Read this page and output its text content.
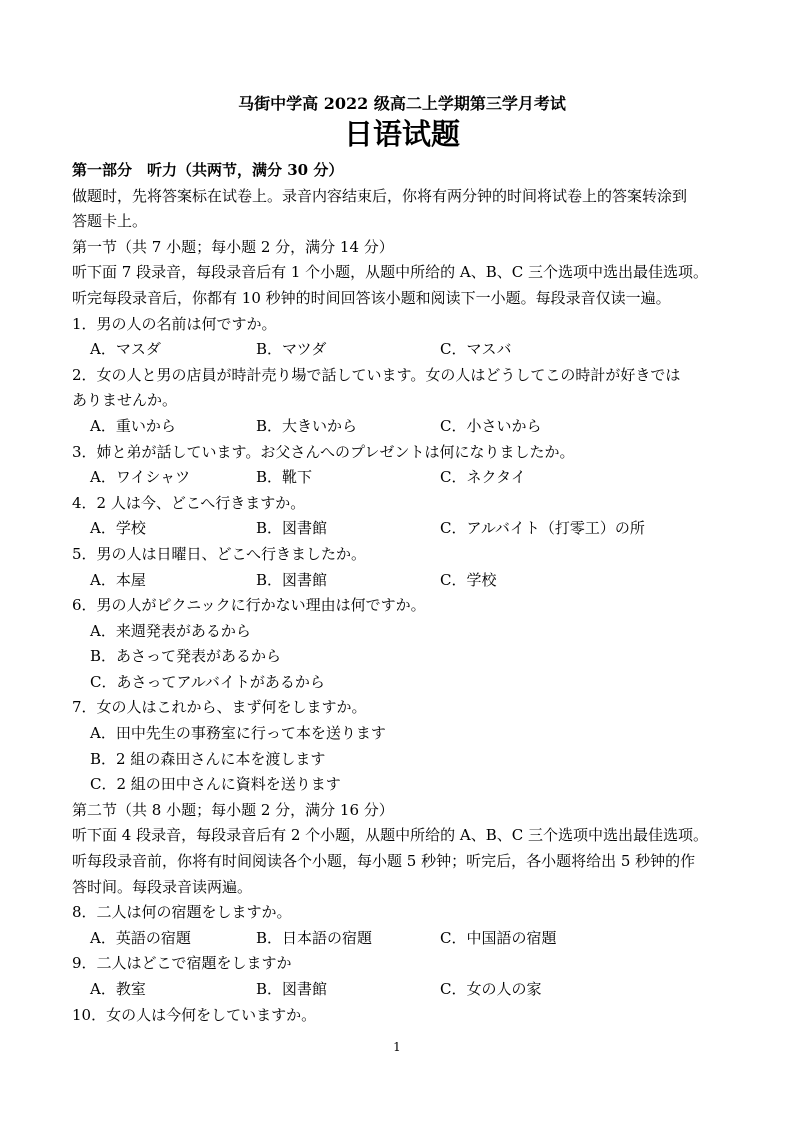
马街中学高 2022 级高二上学期第三学月考试
日语试题
第一部分　听力（共两节，满分 30 分）
做题时，先将答案标在试卷上。录音内容结束后，你将有两分钟的时间将试卷上的答案转涂到
答题卡上。
第一节（共 7 小题；每小题 2 分，满分 14 分）
听下面 7 段录音，每段录音后有 1 个小题，从题中所给的 A、B、C 三个选项中选出最佳选项。
听完每段录音后，你都有 10 秒钟的时间回答该小题和阅读下一小题。每段录音仅读一遍。
1．男の人の名前は何ですか。
A．マスダ	B．マツダ	C．マスバ
2．女の人と男の店員が時計売り場で話しています。女の人はどうしてこの時計が好きでは
ありませんか。
A．重いから	B．大きいから	C．小さいから
3．姉と弟が話しています。お父さんへのプレゼントは何になりましたか。
A．ワイシャツ	B．靴下	C．ネクタイ
4．2 人は今、どこへ行きますか。
A．学校	B．図書館	C．アルバイト（打零工）の所
5．男の人は日曜日、どこへ行きましたか。
A．本屋	B．図書館	C．学校
6．男の人がピクニックに行かない理由は何ですか。
A．来週発表があるから
B．あさって発表があるから
C．あさってアルバイトがあるから
7．女の人はこれから、まず何をしますか。
A．田中先生の事務室に行って本を送ります
B．2 組の森田さんに本を渡します
C．2 組の田中さんに資料を送ります
第二节（共 8 小题；每小题 2 分，满分 16 分）
听下面 4 段录音，每段录音后有 2 个小题，从题中所给的 A、B、C 三个选项中选出最佳选项。
听每段录音前，你将有时间阅读各个小题，每小题 5 秒钟；听完后，各小题将给出 5 秒钟的作
答时间。每段录音读两遍。
8．二人は何の宿題をしますか。
A．英語の宿題	B．日本語の宿題	C．中国語の宿題
9．二人はどこで宿題をしますか
A．教室	B．図書館	C．女の人の家
10．女の人は今何をしていますか。
1
